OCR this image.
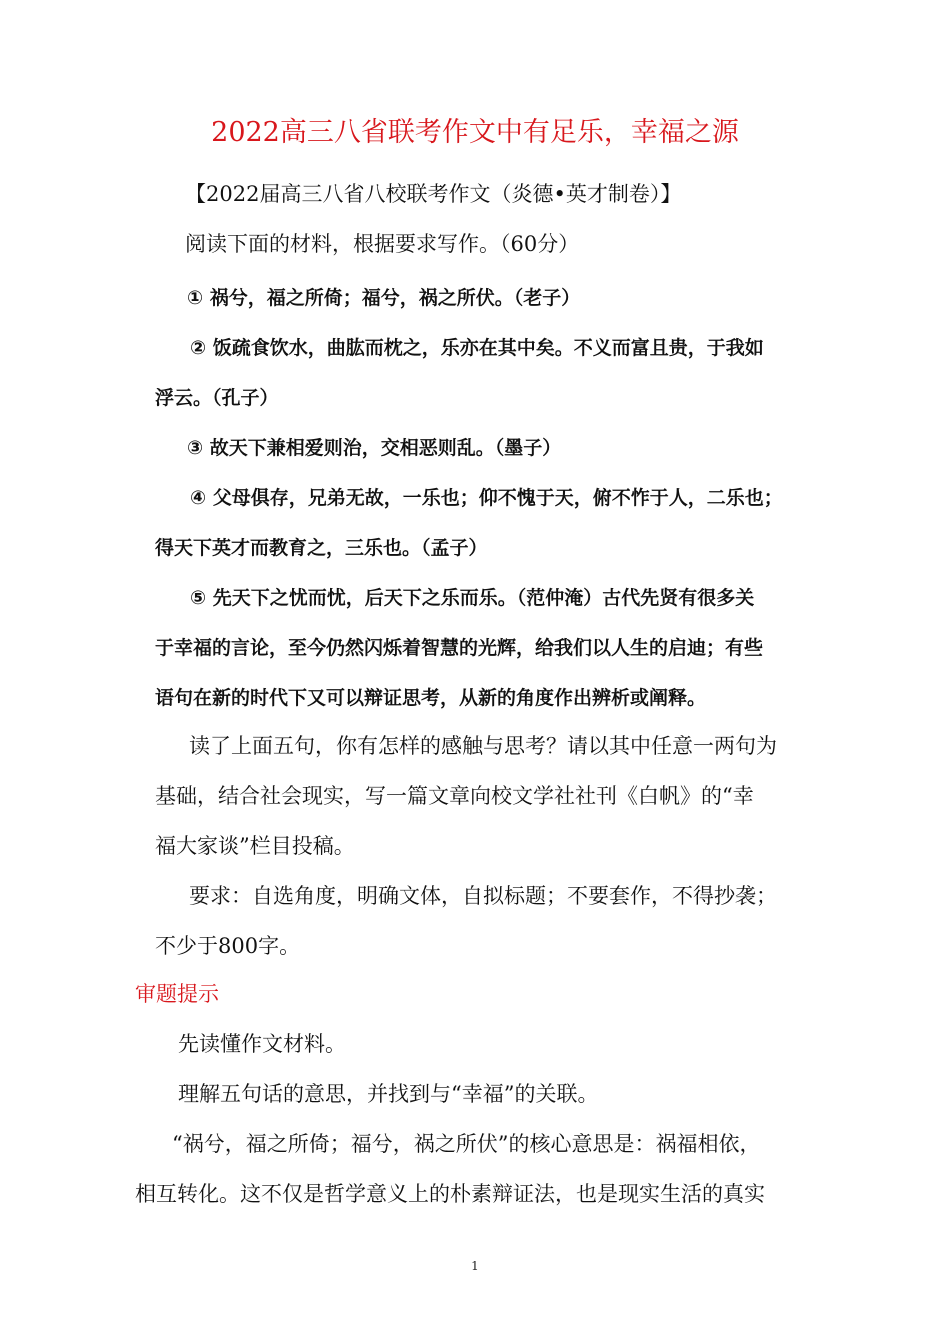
2022高三八省联考作文中有足乐，幸福之源
【2022届高三八省八校联考作文（炎德•英才制卷）】
阅读下面的材料，根据要求写作。（60分）
① 祸兮，福之所倚；福兮，祸之所伏。（老子）
② 饭疏食饮水，曲肱而枕之，乐亦在其中矣。不义而富且贵，于我如
浮云。（孔子）
③ 故天下兼相爱则治，交相恶则乱。（墨子）
④ 父母俱存，兄弟无故，一乐也；仰不愧于天，俯不怍于人，二乐也；
得天下英才而教育之，三乐也。（孟子）
⑤ 先天下之忧而忧，后天下之乐而乐。（范仲淹）古代先贤有很多关
于幸福的言论，至今仍然闪烁着智慧的光辉，给我们以人生的启迪；有些
语句在新的时代下又可以辩证思考，从新的角度作出辨析或阐释。
读了上面五句，你有怎样的感触与思考？请以其中任意一两句为
基础，结合社会现实，写一篇文章向校文学社社刊《白帆》的“幸
福大家谈”栏目投稿。
要求：自选角度，明确文体，自拟标题；不要套作，不得抄袭；
不少于800字。
审题提示
先读懂作文材料。
理解五句话的意思，并找到与“幸福”的关联。
“祸兮，福之所倚；福兮，祸之所伏”的核心意思是：祸福相依，
相互转化。这不仅是哲学意义上的朴素辩证法，也是现实生活的真实
1
